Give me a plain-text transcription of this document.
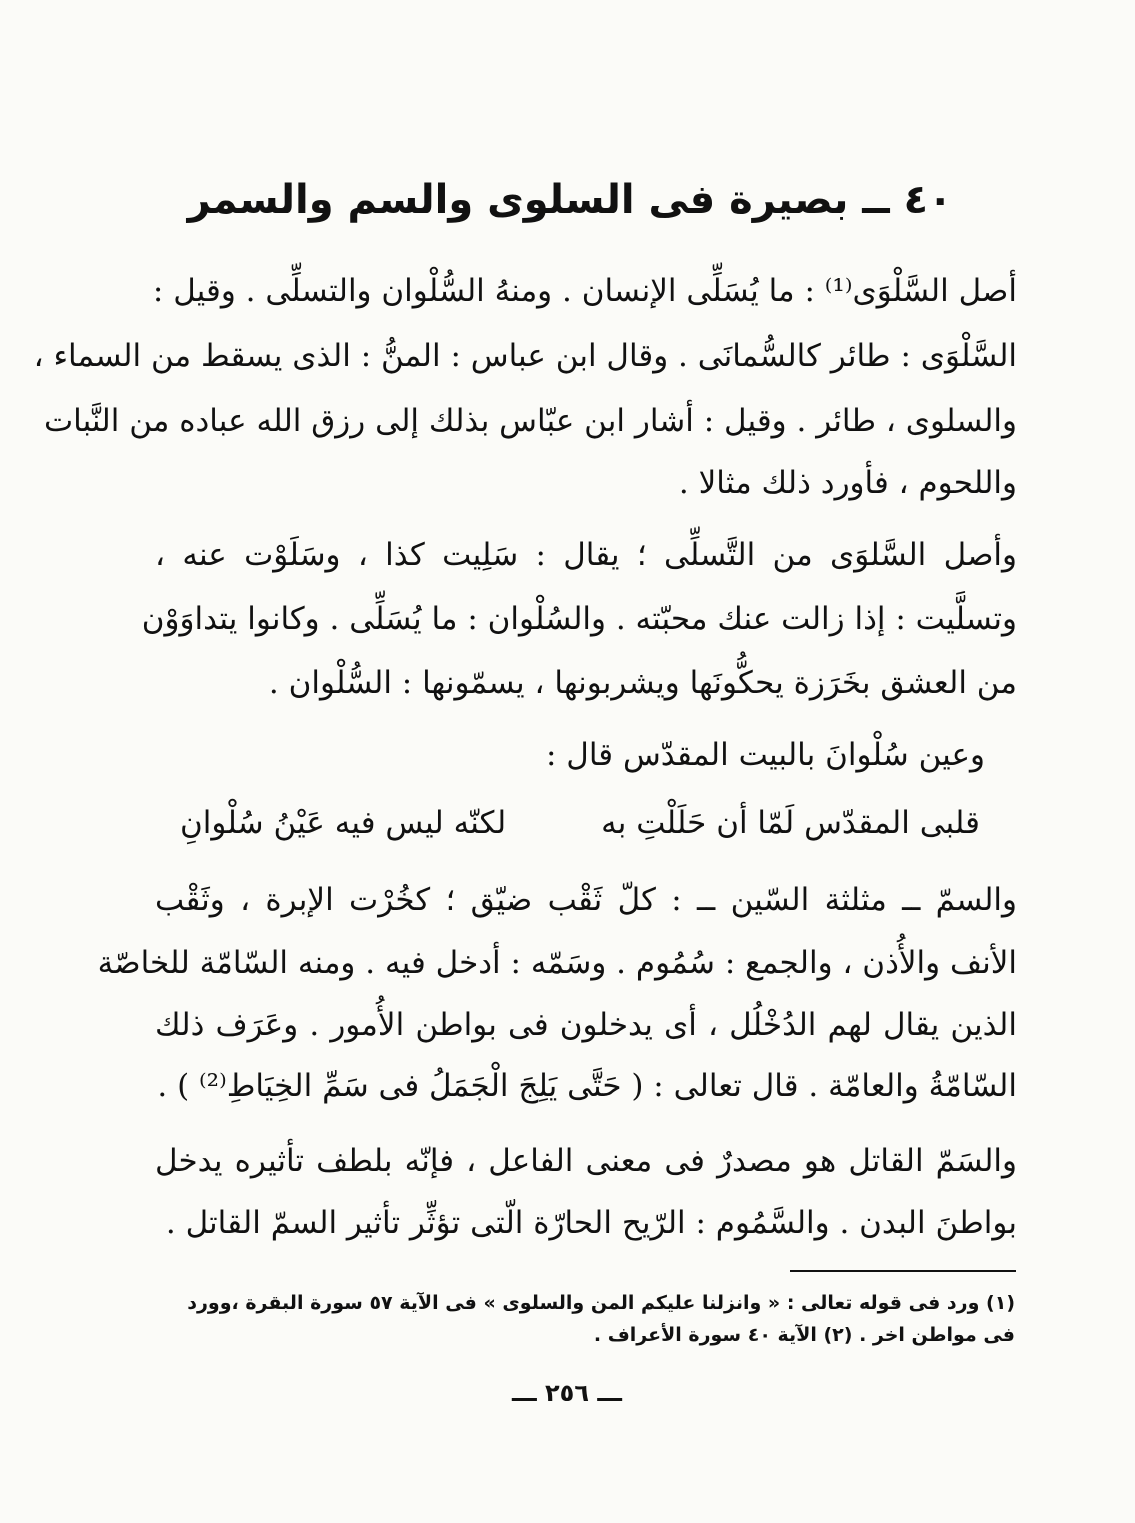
٤٠ ــ بصيرة فى السلوى والسم والسمر
أصل السَّلْوَى⁽¹⁾ : ما يُسَلِّى الإنسان . ومنهُ السُّلْوان والتسلِّى . وقيل :
السَّلْوَى : طائر كالسُّمانَى . وقال ابن عباس : المنُّ : الذى يسقط من السماء ،
والسلوى ، طائر . وقيل : أشار ابن عبّاس بذلك إلى رزق الله عباده من النَّبات
واللحوم ، فأورد ذلك مثالا .
وأصل السَّلوَى من التَّسلِّى ؛ يقال : سَلِيت كذا ، وسَلَوْت عنه ،
وتسلَّيت : إذا زالت عنك محبّته . والسُلْوان : ما يُسَلِّى . وكانوا يتداوَوْن
من العشق بخَرَزة يحكُّونَها ويشربونها ، يسمّونها : السُّلْوان .
وعين سُلْوانَ بالبيت المقدّس قال :
قلبى المقدّس لَمّا أن حَلَلْتِ به
لكنّه ليس فيه عَيْنُ سُلْوانِ
والسمّ ــ مثلثة السّين ــ : كلّ ثَقْب ضيّق ؛ كخُرْت الإبرة ، وثَقْب
الأنف والأُذن ، والجمع : سُمُوم . وسَمّه : أدخل فيه . ومنه السّامّة للخاصّة
الذين يقال لهم الدُخْلُل ، أى يدخلون فى بواطن الأُمور . وعَرَف ذلك
السّامّةُ والعامّة . قال تعالى : ( حَتَّى يَلِجَ الْجَمَلُ فى سَمِّ الخِيَاطِ⁽²⁾ ) .
والسَمّ القاتل هو مصدرٌ فى معنى الفاعل ، فإنّه بلطف تأثيره يدخل
بواطنَ البدن . والسَّمُوم : الرّيح الحارّة الّتى تؤثِّر تأثير السمّ القاتل .
(١) ورد فى قوله تعالى : « وانزلنا عليكم المن والسلوى » فى الآية ٥٧ سورة البقرة ،وورد
فى مواطن اخر . (٢) الآية ٤٠ سورة الأعراف .
ـــ ٢٥٦ ـــ
